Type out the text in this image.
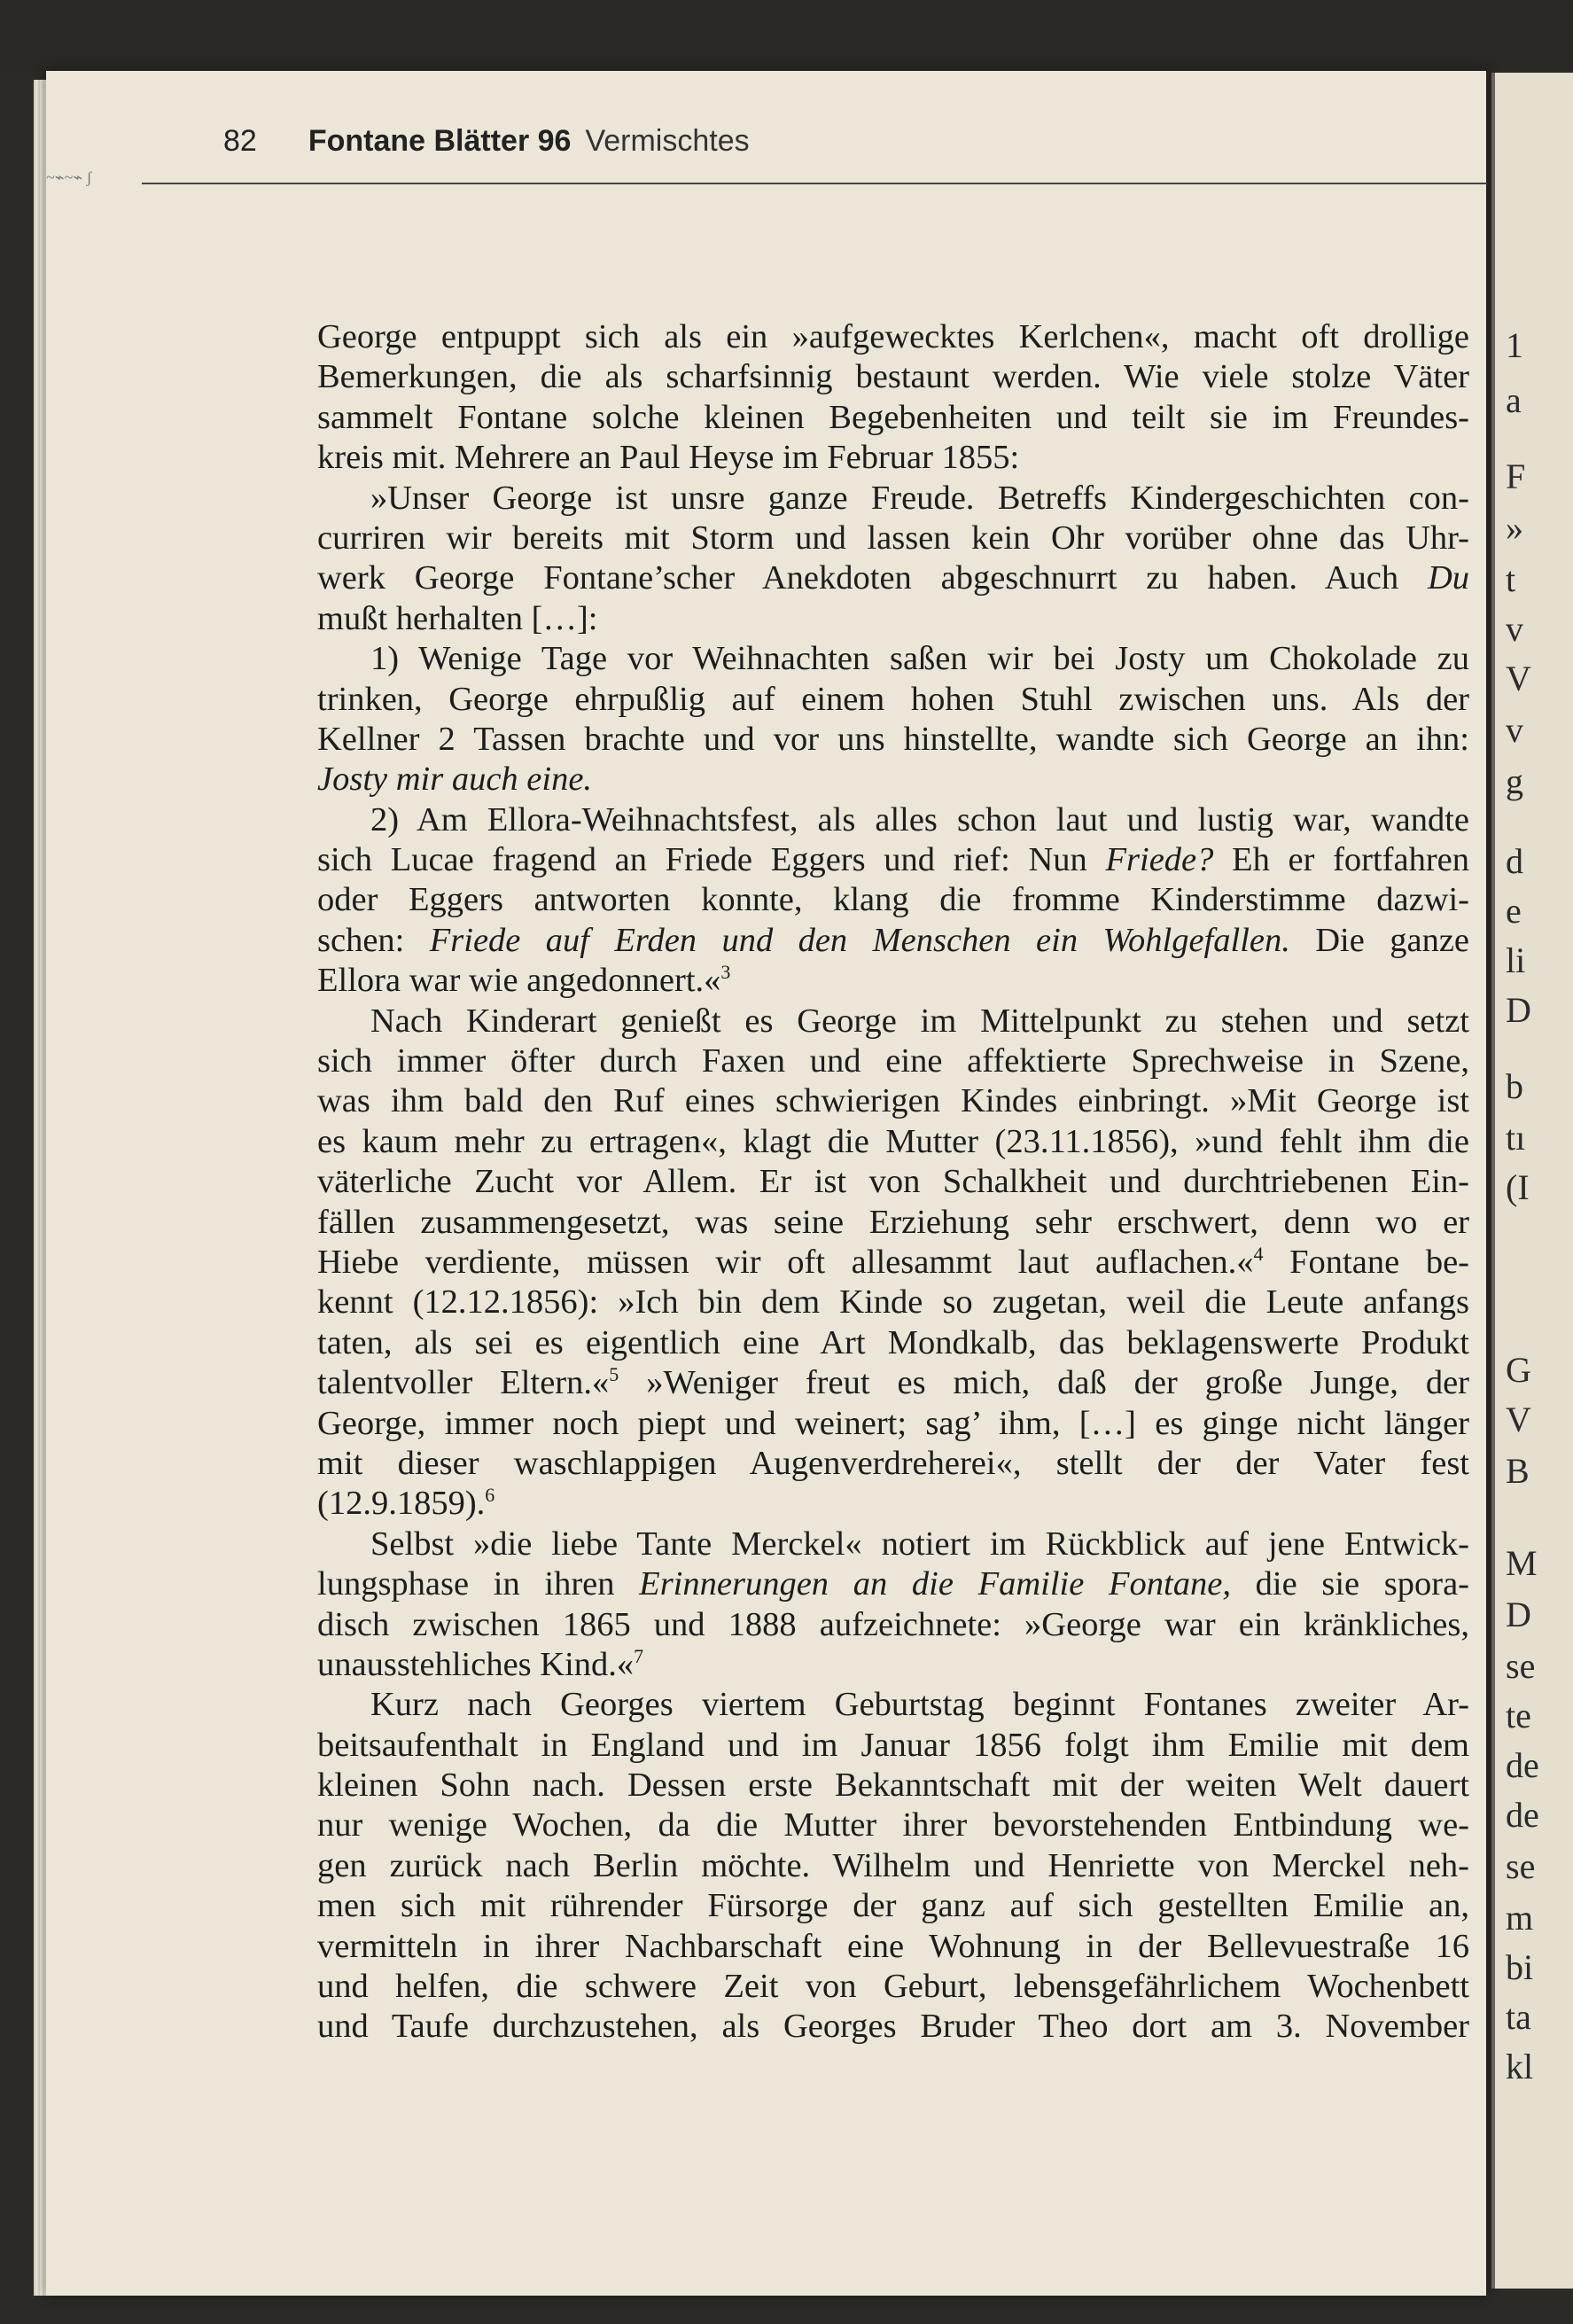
1
a
F
»
t
v
V
v
g
d
e
li
D
b
tı
(I
G
V
B
M
D
se
te
de
de
se
m
bi
ta
kl
~⌁~⌁ ʃ
82 Fontane Blätter 96 Vermischtes
George entpuppt sich als ein »aufgewecktes Kerlchen«, macht oft drollige
Bemerkungen, die als scharfsinnig bestaunt werden. Wie viele stolze Väter
sammelt Fontane solche kleinen Begebenheiten und teilt sie im Freundes-
kreis mit. Mehrere an Paul Heyse im Februar 1855:
»Unser George ist unsre ganze Freude. Betreffs Kindergeschichten con-
curriren wir bereits mit Storm und lassen kein Ohr vorüber ohne das Uhr-
werk George Fontane’scher Anekdoten abgeschnurrt zu haben. Auch Du
mußt herhalten […]:
1) Wenige Tage vor Weihnachten saßen wir bei Josty um Chokolade zu
trinken, George ehrpußlig auf einem hohen Stuhl zwischen uns. Als der
Kellner 2 Tassen brachte und vor uns hinstellte, wandte sich George an ihn:
Josty mir auch eine.
2) Am Ellora-Weihnachtsfest, als alles schon laut und lustig war, wandte
sich Lucae fragend an Friede Eggers und rief: Nun Friede? Eh er fortfahren
oder Eggers antworten konnte, klang die fromme Kinderstimme dazwi-
schen: Friede auf Erden und den Menschen ein Wohlgefallen. Die ganze
Ellora war wie angedonnert.«$^3$
Nach Kinderart genießt es George im Mittelpunkt zu stehen und setzt
sich immer öfter durch Faxen und eine affektierte Sprechweise in Szene,
was ihm bald den Ruf eines schwierigen Kindes einbringt. »Mit George ist
es kaum mehr zu ertragen«, klagt die Mutter (23.11.1856), »und fehlt ihm die
väterliche Zucht vor Allem. Er ist von Schalkheit und durchtriebenen Ein-
fällen zusammengesetzt, was seine Erziehung sehr erschwert, denn wo er
Hiebe verdiente, müssen wir oft allesammt laut auflachen.«$^4$ Fontane be-
kennt (12.12.1856): »Ich bin dem Kinde so zugetan, weil die Leute anfangs
taten, als sei es eigentlich eine Art Mondkalb, das beklagenswerte Produkt
talentvoller Eltern.«$^5$ »Weniger freut es mich, daß der große Junge, der
George, immer noch piept und weinert; sag’ ihm, […] es ginge nicht länger
mit dieser waschlappigen Augenverdreherei«, stellt der der Vater fest
(12.9.1859).$^6$
Selbst »die liebe Tante Merckel« notiert im Rückblick auf jene Entwick-
lungsphase in ihren Erinnerungen an die Familie Fontane, die sie spora-
disch zwischen 1865 und 1888 aufzeichnete: »George war ein kränkliches,
unausstehliches Kind.«$^7$
Kurz nach Georges viertem Geburtstag beginnt Fontanes zweiter Ar-
beitsaufenthalt in England und im Januar 1856 folgt ihm Emilie mit dem
kleinen Sohn nach. Dessen erste Bekanntschaft mit der weiten Welt dauert
nur wenige Wochen, da die Mutter ihrer bevorstehenden Entbindung we-
gen zurück nach Berlin möchte. Wilhelm und Henriette von Merckel neh-
men sich mit rührender Fürsorge der ganz auf sich gestellten Emilie an,
vermitteln in ihrer Nachbarschaft eine Wohnung in der Bellevuestraße 16
und helfen, die schwere Zeit von Geburt, lebensgefährlichem Wochenbett
und Taufe durchzustehen, als Georges Bruder Theo dort am 3. November
